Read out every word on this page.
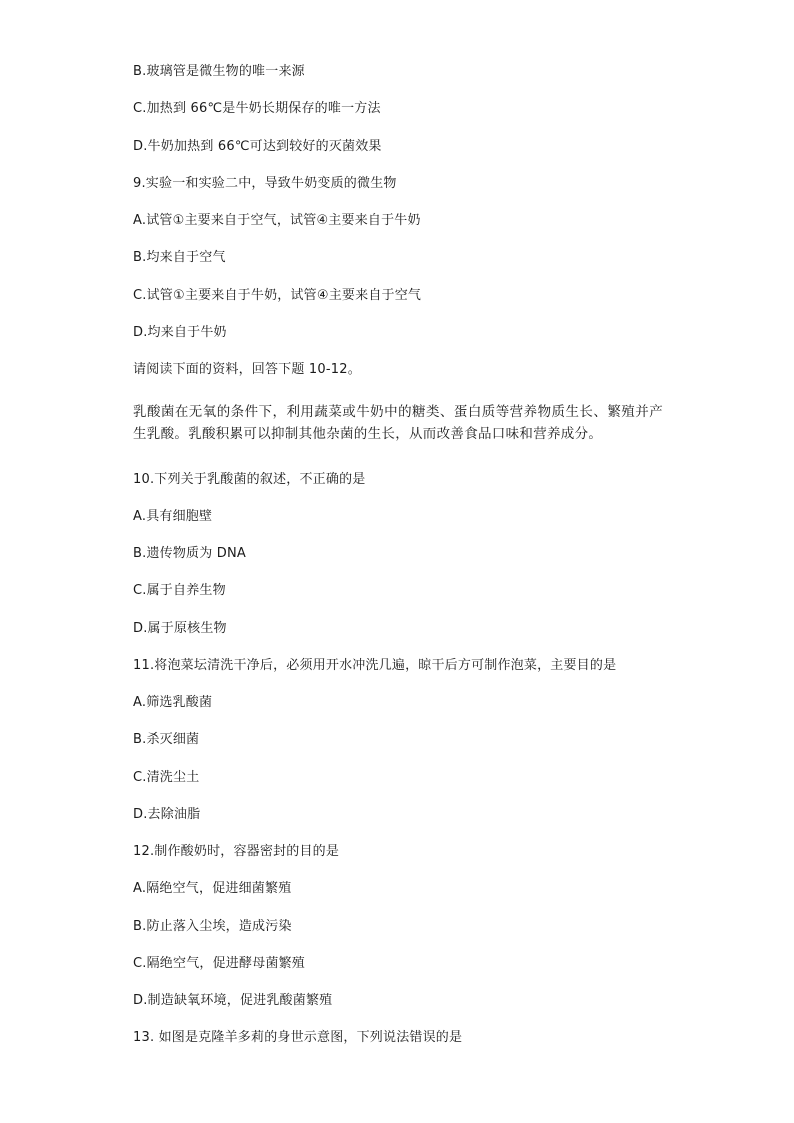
B.玻璃管是微生物的唯一来源
C.加热到 66℃是牛奶长期保存的唯一方法
D.牛奶加热到 66℃可达到较好的灭菌效果
9.实验一和实验二中，导致牛奶变质的微生物
A.试管①主要来自于空气，试管④主要来自于牛奶
B.均来自于空气
C.试管①主要来自于牛奶，试管④主要来自于空气
D.均来自于牛奶
请阅读下面的资料，回答下题 10-12。
乳酸菌在无氧的条件下，利用蔬菜或牛奶中的糖类、蛋白质等营养物质生长、繁殖并产生乳酸。乳酸积累可以抑制其他杂菌的生长，从而改善食品口味和营养成分。
10.下列关于乳酸菌的叙述，不正确的是
A.具有细胞壁
B.遗传物质为 DNA
C.属于自养生物
D.属于原核生物
11.将泡菜坛清洗干净后，必须用开水冲洗几遍，晾干后方可制作泡菜，主要目的是
A.筛选乳酸菌
B.杀灭细菌
C.清洗尘土
D.去除油脂
12.制作酸奶时，容器密封的目的是
A.隔绝空气，促进细菌繁殖
B.防止落入尘埃，造成污染
C.隔绝空气，促进酵母菌繁殖
D.制造缺氧环境，促进乳酸菌繁殖
13. 如图是克隆羊多莉的身世示意图，下列说法错误的是
